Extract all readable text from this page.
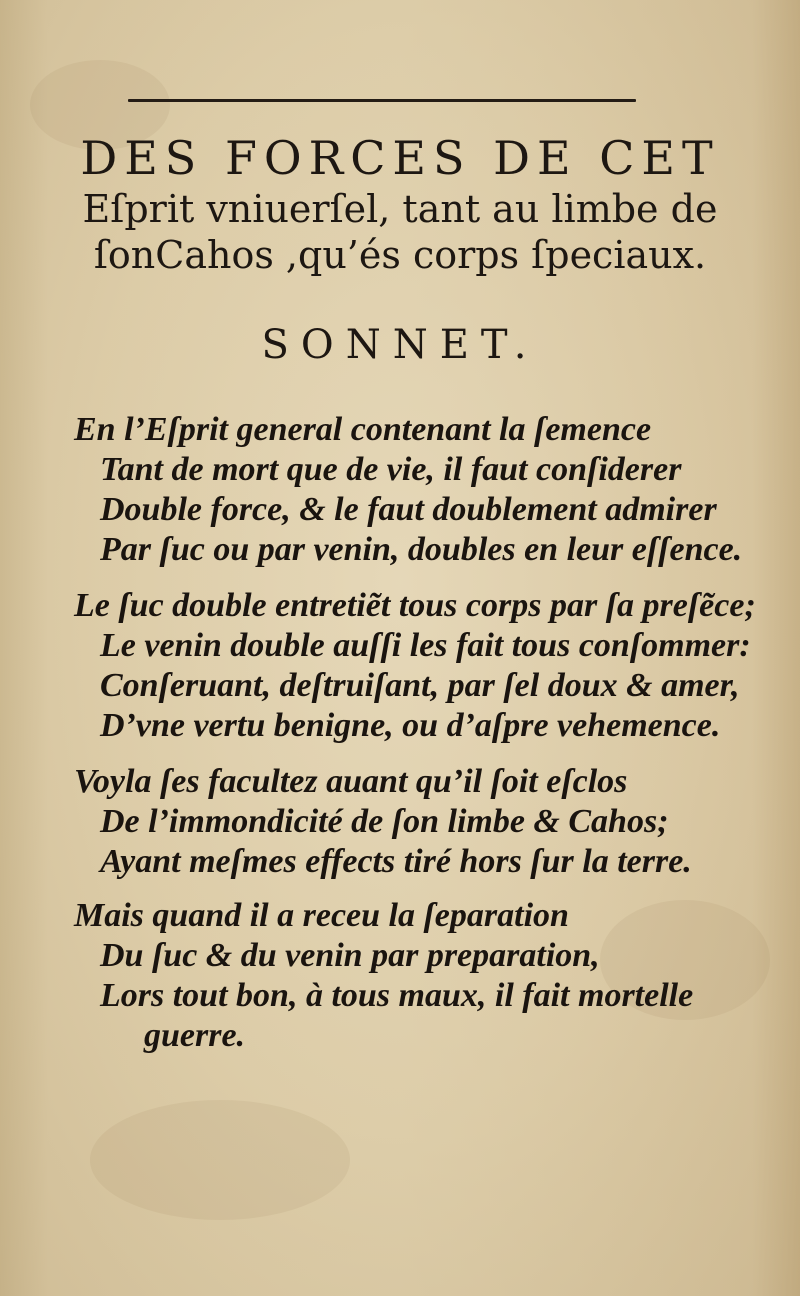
DES FORCES DE CET
Eſprit vniuerſel, tant au limbe de
ſonCahos ,qu’és corps ſpeciaux.
SONNET.
En l’Eſprit general contenant la ſemence
Tant de mort que de vie, il faut conſiderer
Double force, & le faut doublement admirer
Par ſuc ou par venin, doubles en leur eſſence.
Le ſuc double entretiẽt tous corps par ſa preſẽce;
Le venin double auſſi les fait tous conſommer:
Conſeruant, deſtruiſant, par ſel doux & amer,
D’vne vertu benigne, ou d’aſpre vehemence.
Voyla ſes facultez auant qu’il ſoit eſclos
De l’immondicité de ſon limbe & Cahos;
Ayant meſmes effects tiré hors ſur la terre.
Mais quand il a receu la ſeparation
Du ſuc & du venin par preparation,
Lors tout bon, à tous maux, il fait mortelle
guerre.
